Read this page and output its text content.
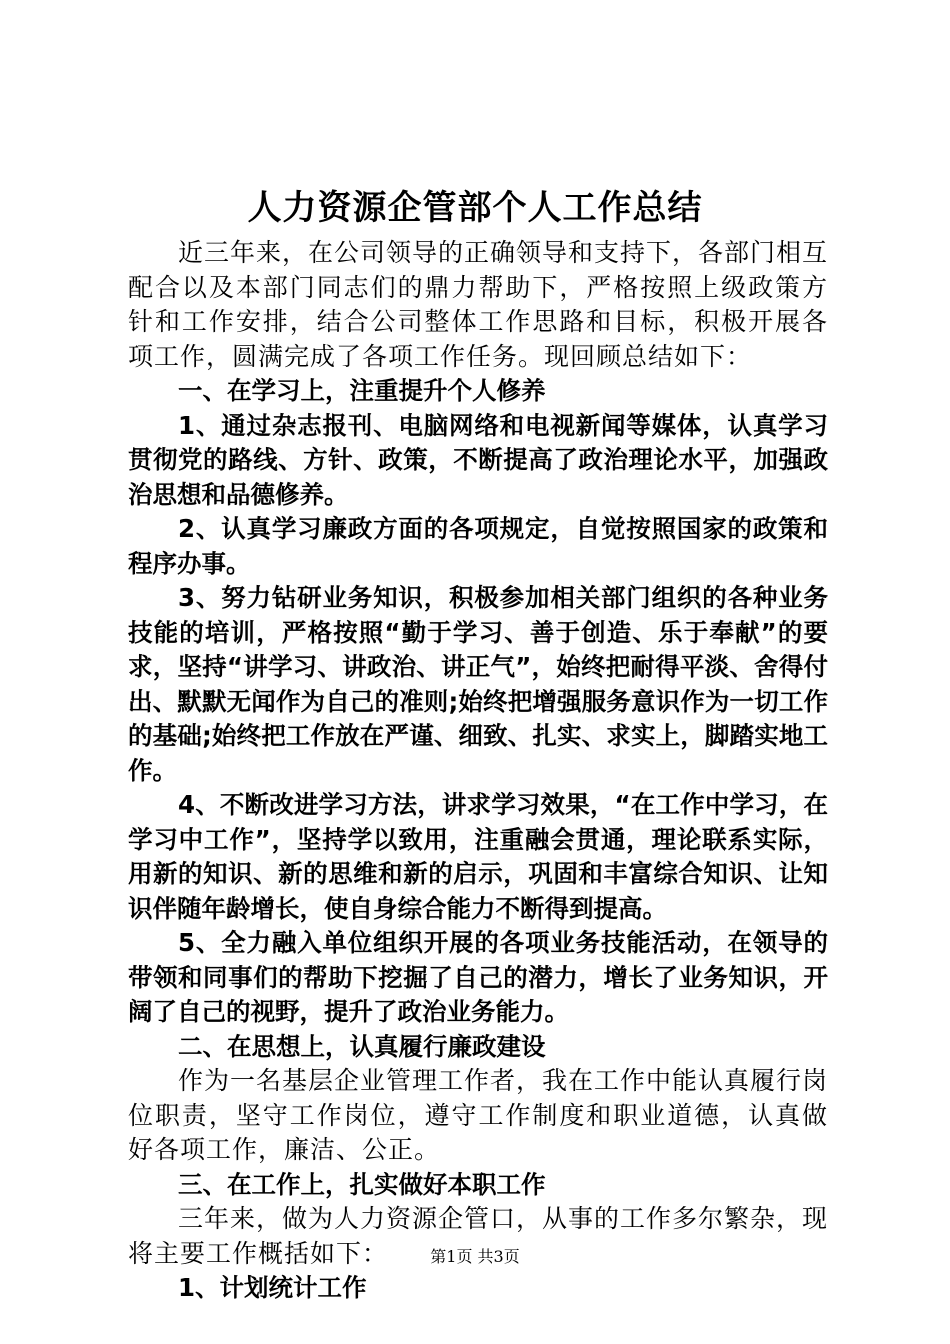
人力资源企管部个人工作总结

近三年来，在公司领导的正确领导和支持下，各部门相互配合以及本部门同志们的鼎力帮助下，严格按照上级政策方针和工作安排，结合公司整体工作思路和目标，积极开展各项工作，圆满完成了各项工作任务。现回顾总结如下：

一、在学习上，注重提升个人修养

1、通过杂志报刊、电脑网络和电视新闻等媒体，认真学习贯彻党的路线、方针、政策，不断提高了政治理论水平，加强政治思想和品德修养。

2、认真学习廉政方面的各项规定，自觉按照国家的政策和程序办事。

3、努力钻研业务知识，积极参加相关部门组织的各种业务技能的培训，严格按照“勤于学习、善于创造、乐于奉献”的要求，坚持“讲学习、讲政治、讲正气”，始终把耐得平淡、舍得付出、默默无闻作为自己的准则;始终把增强服务意识作为一切工作的基础;始终把工作放在严谨、细致、扎实、求实上，脚踏实地工作。

4、不断改进学习方法，讲求学习效果，“在工作中学习，在学习中工作”，坚持学以致用，注重融会贯通，理论联系实际，用新的知识、新的思维和新的启示，巩固和丰富综合知识、让知识伴随年龄增长，使自身综合能力不断得到提高。

5、全力融入单位组织开展的各项业务技能活动，在领导的带领和同事们的帮助下挖掘了自己的潜力，增长了业务知识，开阔了自己的视野，提升了政治业务能力。

二、在思想上，认真履行廉政建设

作为一名基层企业管理工作者，我在工作中能认真履行岗位职责，坚守工作岗位，遵守工作制度和职业道德，认真做好各项工作，廉洁、公正。

三、在工作上，扎实做好本职工作

三年来，做为人力资源企管口，从事的工作多尔繁杂，现将主要工作概括如下：

1、计划统计工作

第1页 共3页
